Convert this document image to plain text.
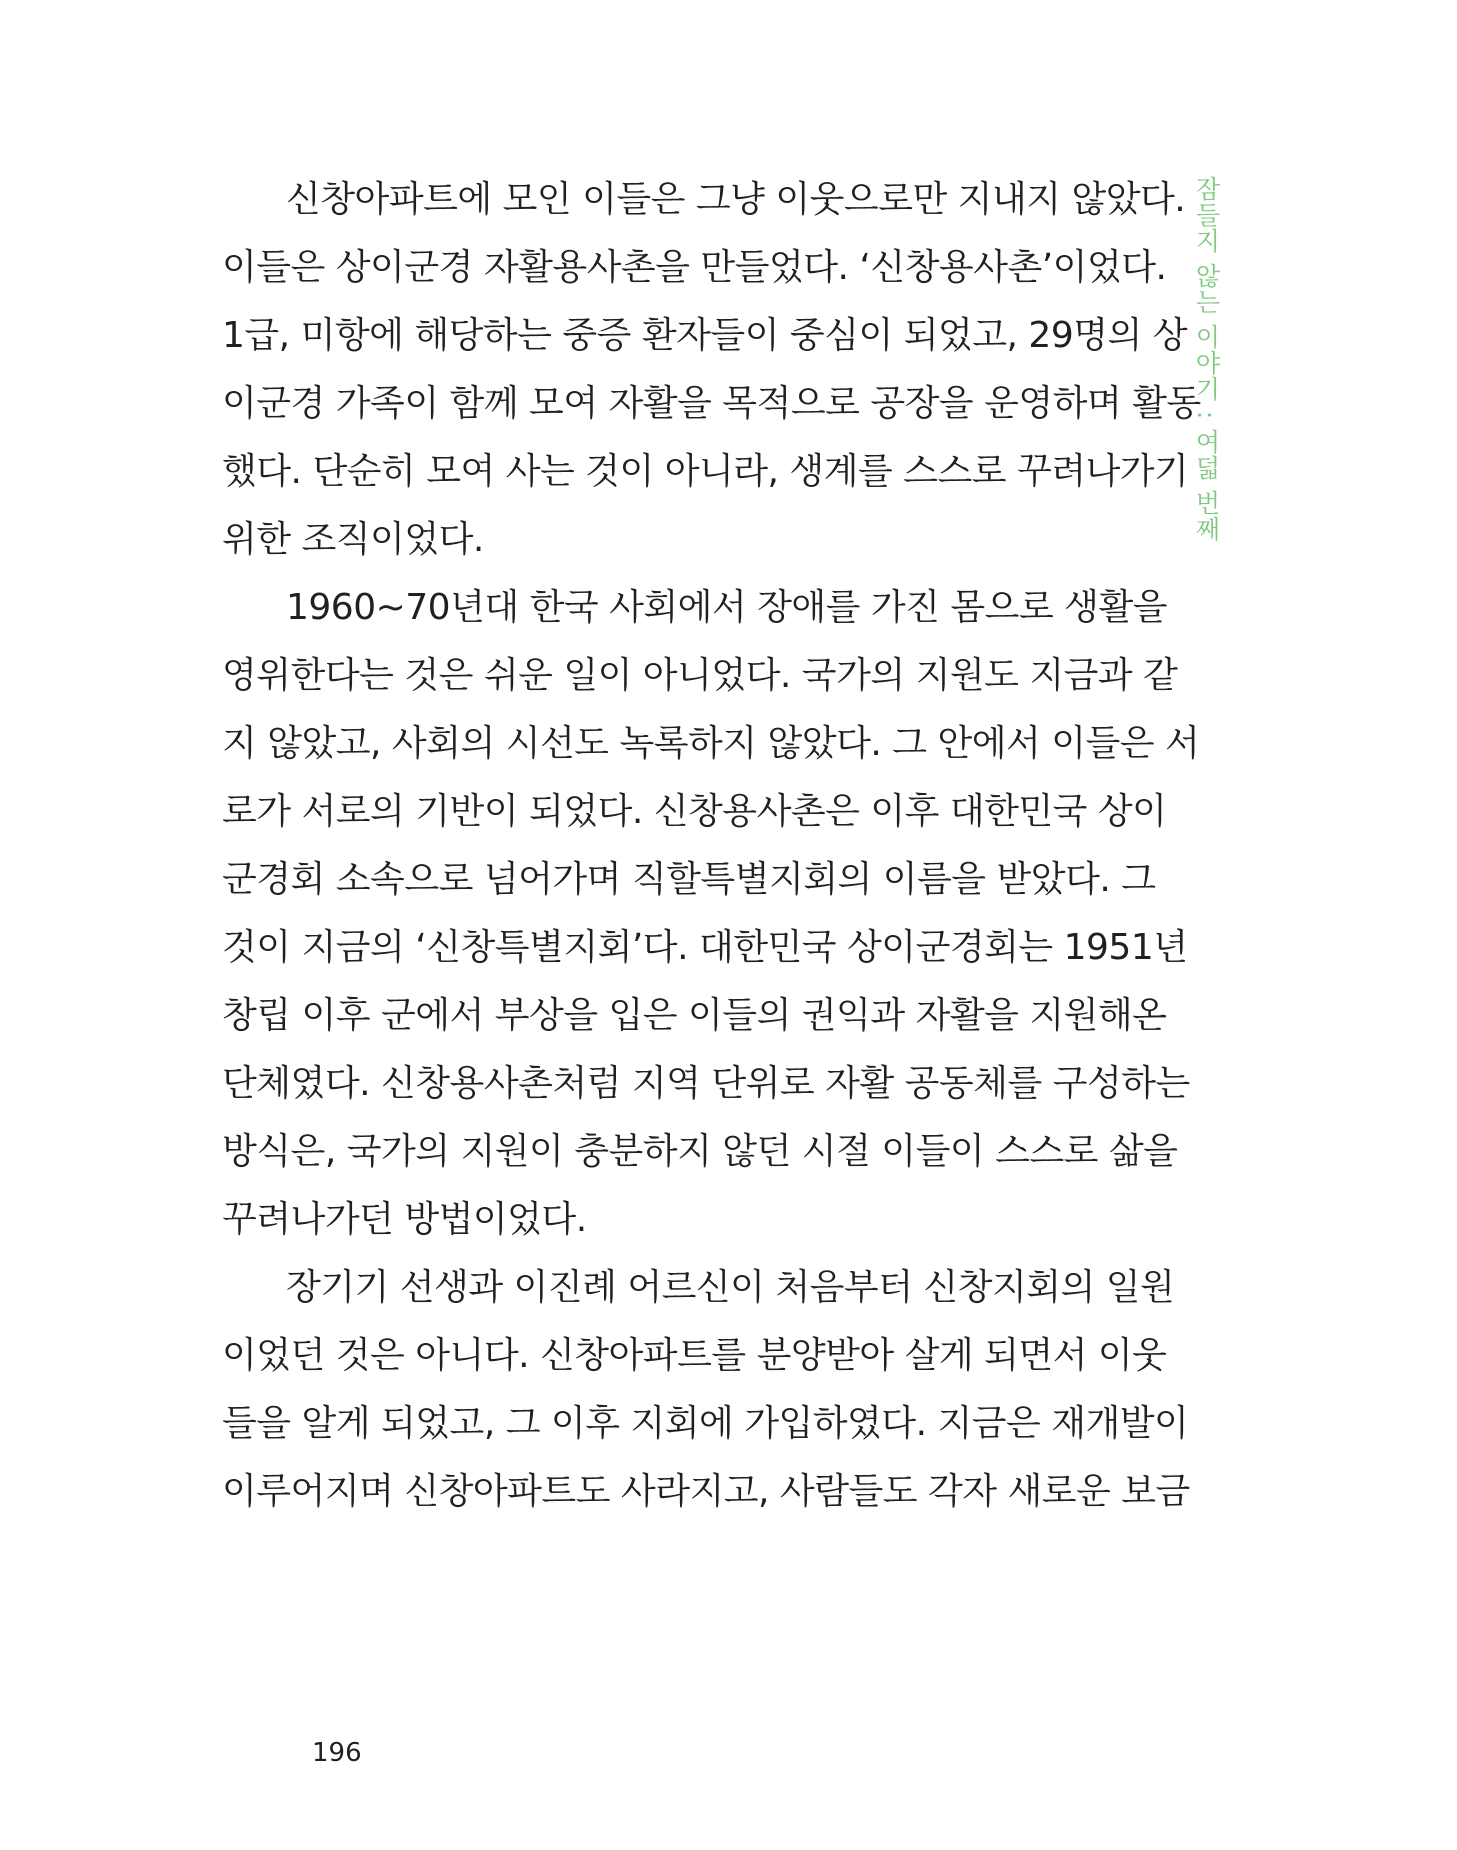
잠들지 않는 이야기 : 여덟 번째
신창아파트에 모인 이들은 그냥 이웃으로만 지내지 않았다.
이들은 상이군경 자활용사촌을 만들었다. ‘신창용사촌’이었다.
1급, 미항에 해당하는 중증 환자들이 중심이 되었고, 29명의 상
이군경 가족이 함께 모여 자활을 목적으로 공장을 운영하며 활동
했다. 단순히 모여 사는 것이 아니라, 생계를 스스로 꾸려나가기
위한 조직이었다.
1960~70년대 한국 사회에서 장애를 가진 몸으로 생활을
영위한다는 것은 쉬운 일이 아니었다. 국가의 지원도 지금과 같
지 않았고, 사회의 시선도 녹록하지 않았다. 그 안에서 이들은 서
로가 서로의 기반이 되었다. 신창용사촌은 이후 대한민국 상이
군경회 소속으로 넘어가며 직할특별지회의 이름을 받았다. 그
것이 지금의 ‘신창특별지회’다. 대한민국 상이군경회는 1951년
창립 이후 군에서 부상을 입은 이들의 권익과 자활을 지원해온
단체였다. 신창용사촌처럼 지역 단위로 자활 공동체를 구성하는
방식은, 국가의 지원이 충분하지 않던 시절 이들이 스스로 삶을
꾸려나가던 방법이었다.
장기기 선생과 이진례 어르신이 처음부터 신창지회의 일원
이었던 것은 아니다. 신창아파트를 분양받아 살게 되면서 이웃
들을 알게 되었고, 그 이후 지회에 가입하였다. 지금은 재개발이
이루어지며 신창아파트도 사라지고, 사람들도 각자 새로운 보금
196
